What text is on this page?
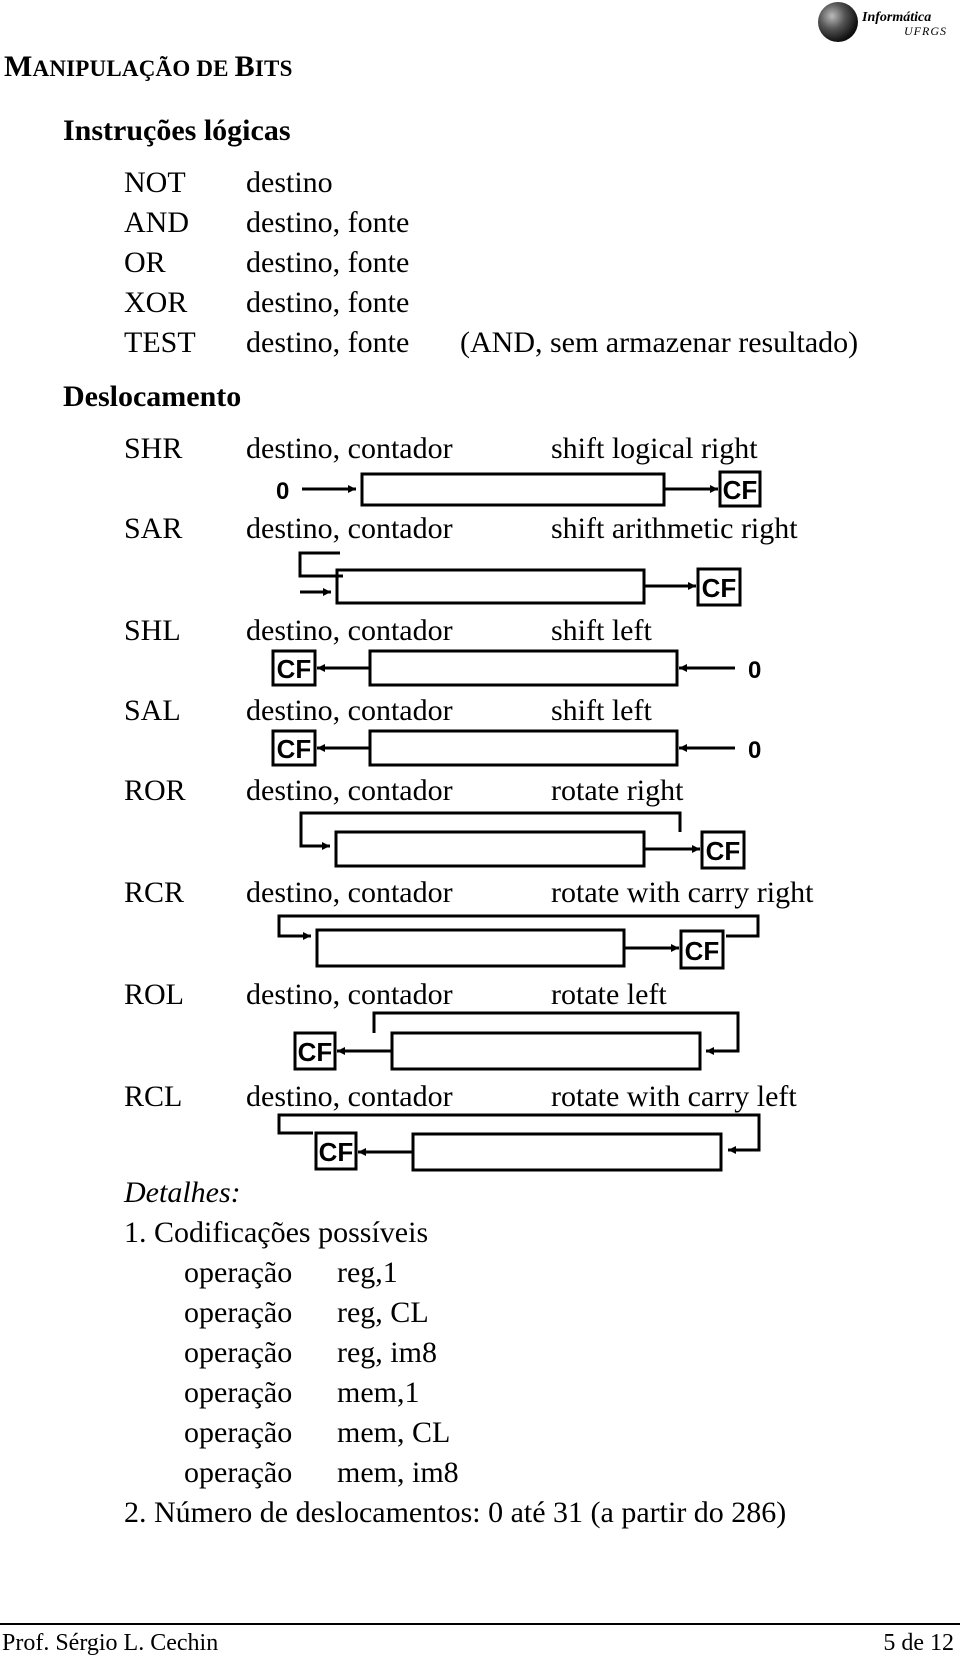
Informática
UFRGS
MANIPULAÇÃO DE BITS
Instruções lógicas
NOT destino
AND destino, fonte
OR	destino, fonte
XOR destino, fonte
TEST destino, fonte (AND, sem armazenar resultado)
Deslocamento
SHR destino, contador	shift logical right
SAR destino, contador	shift arithmetic right
SHL destino, contador	shift left
SAL destino, contador	shift left
ROR destino, contador	rotate right
RCR destino, contador	rotate with carry right
ROL destino, contador	rotate left
RCL destino, contador	rotate with carry left
0	CF
CF
CF	0
CF	0
CF
CF
CF
CF
Detalhes:
1. Codificações possíveis
operação reg,1
operação reg, CL
operação reg, im8
operação mem,1
operação mem, CL
operação mem, im8
2. Número de deslocamentos: 0 até 31 (a partir do 286)
Prof. Sérgio L. Cechin	5 de 12
